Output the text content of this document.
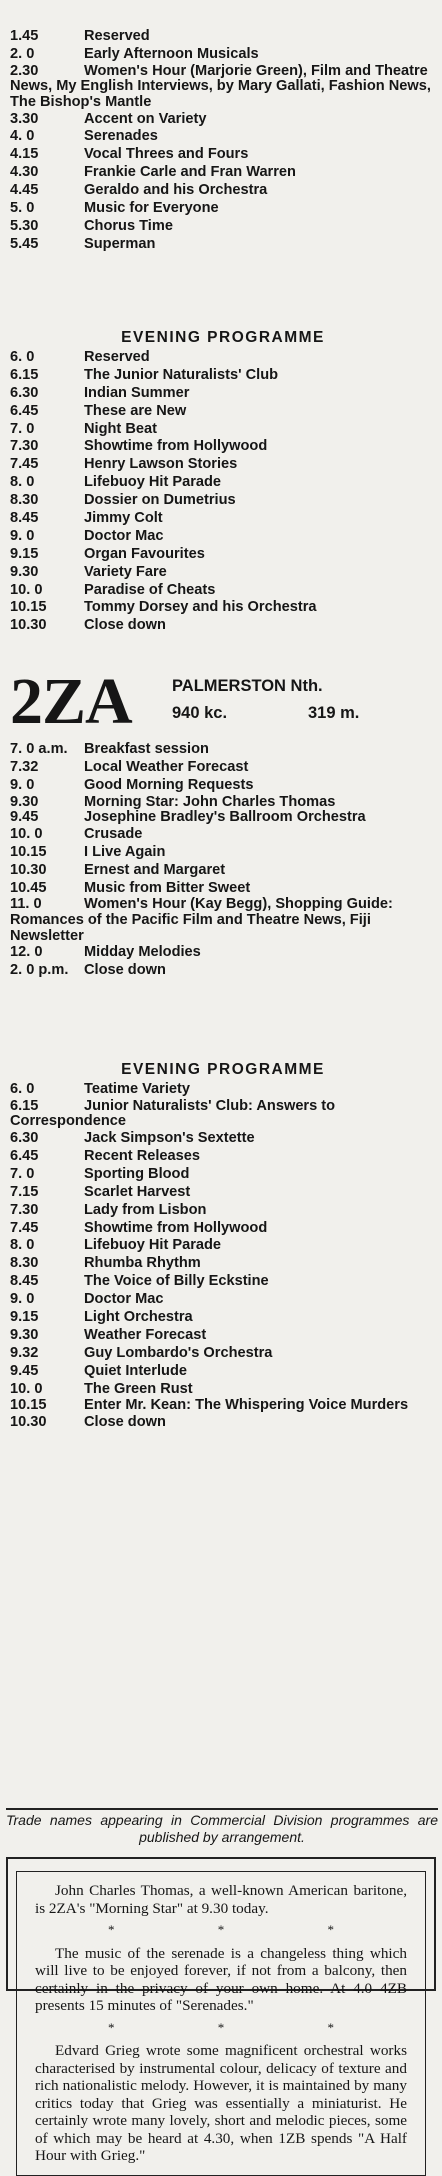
1.45	Reserved
2. 0	Early Afternoon Musicals
2.30	Women's Hour (Marjorie Green), Film and Theatre News, My English Interviews, by Mary Gallati, Fashion News, The Bishop's Mantle
3.30	Accent on Variety
4. 0	Serenades
4.15	Vocal Threes and Fours
4.30	Frankie Carle and Fran Warren
4.45	Geraldo and his Orchestra
5. 0	Music for Everyone
5.30	Chorus Time
5.45	Superman
EVENING PROGRAMME
6. 0	Reserved
6.15	The Junior Naturalists' Club
6.30	Indian Summer
6.45	These are New
7. 0	Night Beat
7.30	Showtime from Hollywood
7.45	Henry Lawson Stories
8. 0	Lifebuoy Hit Parade
8.30	Dossier on Dumetrius
8.45	Jimmy Colt
9. 0	Doctor Mac
9.15	Organ Favourites
9.30	Variety Fare
10. 0	Paradise of Cheats
10.15	Tommy Dorsey and his Orchestra
10.30	Close down
2ZA	PALMERSTON Nth.
940 kc.	319 m.
7. 0 a.m.	Breakfast session
7.32	Local Weather Forecast
9. 0	Good Morning Requests
9.30	Morning Star: John Charles Thomas
9.45	Josephine Bradley's Ballroom Orchestra
10. 0	Crusade
10.15	I Live Again
10.30	Ernest and Margaret
10.45	Music from Bitter Sweet
11. 0	Women's Hour (Kay Begg), Shopping Guide: Romances of the Pacific Film and Theatre News, Fiji Newsletter
12. 0	Midday Melodies
2. 0 p.m.	Close down
EVENING PROGRAMME
6. 0	Teatime Variety
6.15	Junior Naturalists' Club: Answers to Correspondence
6.30	Jack Simpson's Sextette
6.45	Recent Releases
7. 0	Sporting Blood
7.15	Scarlet Harvest
7.30	Lady from Lisbon
7.45	Showtime from Hollywood
8. 0	Lifebuoy Hit Parade
8.30	Rhumba Rhythm
8.45	The Voice of Billy Eckstine
9. 0	Doctor Mac
9.15	Light Orchestra
9.30	Weather Forecast
9.32	Guy Lombardo's Orchestra
9.45	Quiet Interlude
10. 0	The Green Rust
10.15	Enter Mr. Kean: The Whispering Voice Murders
10.30	Close down
Trade names appearing in Commercial Division programmes are published by arrangement.

John Charles Thomas, a well-known American baritone, is 2ZA's "Morning Star" at 9.30 today.

* * *

The music of the serenade is a changeless thing which will live to be enjoyed forever, if not from a balcony, then certainly in the privacy of your own home. At 4.0 4ZB presents 15 minutes of "Serenades."

* * *

Edvard Grieg wrote some magnificent orchestral works characterised by instrumental colour, delicacy of texture and rich nationalistic melody. However, it is maintained by many critics today that Grieg was essentially a miniaturist. He certainly wrote many lovely, short and melodic pieces, some of which may be heard at 4.30, when 1ZB spends "A Half Hour with Grieg."
